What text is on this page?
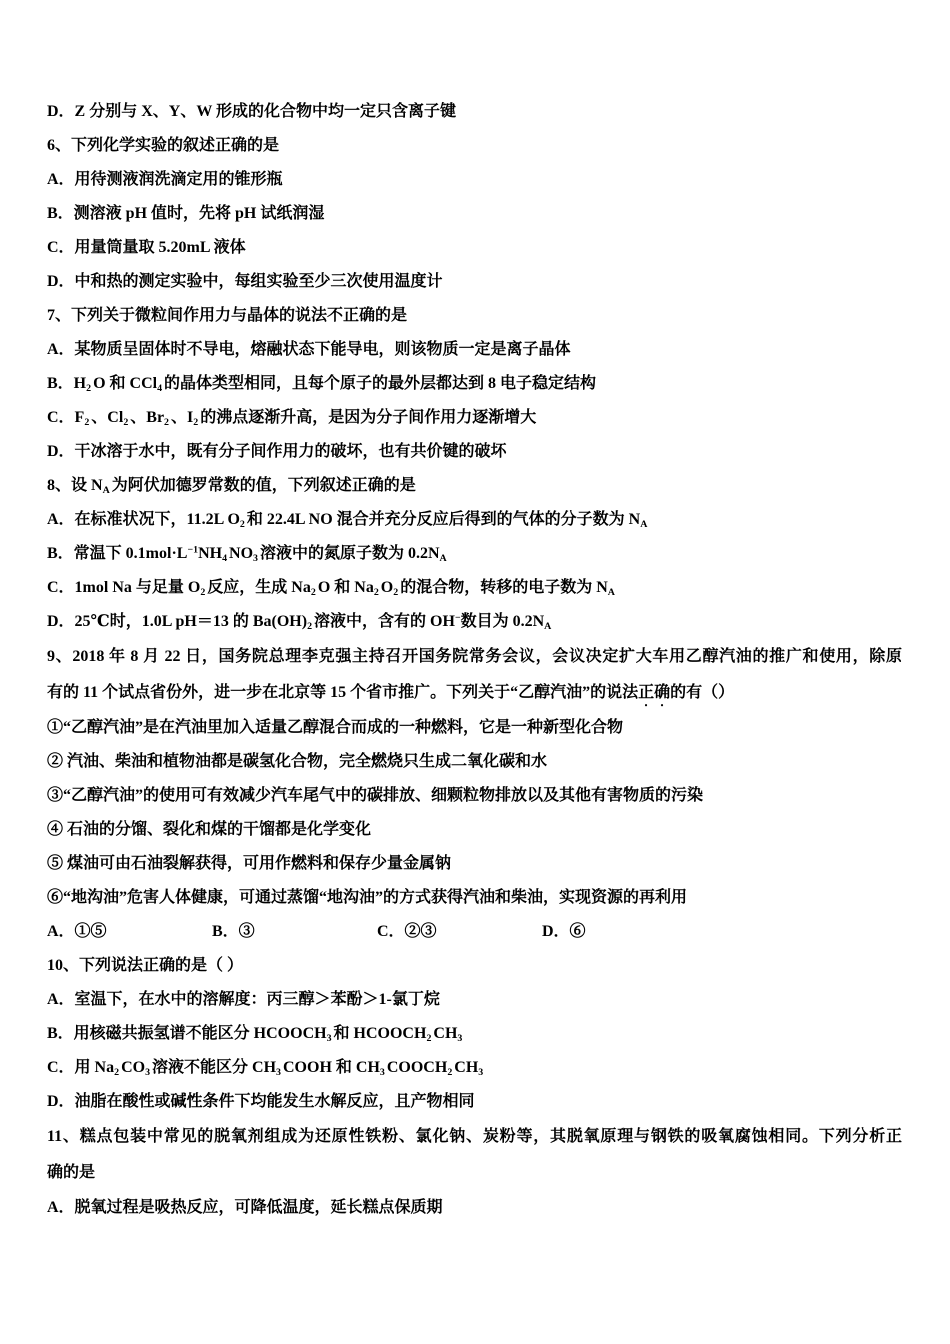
D．Z 分别与 X、Y、W 形成的化合物中均一定只含离子键
6、下列化学实验的叙述正确的是
A．用待测液润洗滴定用的锥形瓶
B．测溶液 pH 值时，先将 pH 试纸润湿
C．用量筒量取 5.20mL 液体
D．中和热的测定实验中，每组实验至少三次使用温度计
7、下列关于微粒间作用力与晶体的说法不正确的是
A．某物质呈固体时不导电，熔融状态下能导电，则该物质一定是离子晶体
B．$H_2$ O 和 CCl$_4$ 的晶体类型相同，且每个原子的最外层都达到 8 电子稳定结构
C．$F_2$ 、$Cl_2$ 、$Br_2$ 、$I_2$ 的沸点逐渐升高，是因为分子间作用力逐渐增大
D．干冰溶于水中，既有分子间作用力的破坏，也有共价键的破坏
8、设 $N_A$ 为阿伏加德罗常数的值，下列叙述正确的是
A．在标准状况下，11.2L $O_2$ 和 22.4L NO 混合并充分反应后得到的气体的分子数为 $N_A$
B．常温下 $0.1mol\cdot L^{-1}NH_4$ $NO_3$ 溶液中的氮原子数为 $0.2N_A$
C．1mol Na 与足量 $O_2$ 反应，生成 $Na_2$ O 和 $Na_2$ $O_2$ 的混合物，转移的电子数为 $N_A$
D．25℃时，1.0L pH＝13 的 $Ba(OH)_2$ 溶液中，含有的 OH−数目为 $0.2N_A$
9、2018 年 8 月 22 日，国务院总理李克强主持召开国务院常务会议，会议决定扩大车用乙醇汽油的推广和使用，除原
有的 11 个试点省份外，进一步在北京等 15 个省市推广。下列关于“乙醇汽油”的说法正确的有（）
①“乙醇汽油”是在汽油里加入适量乙醇混合而成的一种燃料，它是一种新型化合物
② 汽油、柴油和植物油都是碳氢化合物，完全燃烧只生成二氧化碳和水
③“乙醇汽油”的使用可有效减少汽车尾气中的碳排放、细颗粒物排放以及其他有害物质的污染
④ 石油的分馏、裂化和煤的干馏都是化学变化
⑤ 煤油可由石油裂解获得，可用作燃料和保存少量金属钠
⑥“地沟油”危害人体健康，可通过蒸馏“地沟油”的方式获得汽油和柴油，实现资源的再利用
A．①⑤	B．③	C．②③	D．⑥
10、下列说法正确的是（ ）
A．室温下，在水中的溶解度：丙三醇＞苯酚＞1-氯丁烷
B．用核磁共振氢谱不能区分 $HCOOCH_3$ 和 $HCOOCH_2$ $CH_3$
C．用 $Na_2$ $CO_3$ 溶液不能区分 $CH_3$ COOH 和 $CH_3$ $COOCH_2$ $CH_3$
D．油脂在酸性或碱性条件下均能发生水解反应，且产物相同
11、糕点包装中常见的脱氧剂组成为还原性铁粉、氯化钠、炭粉等，其脱氧原理与钢铁的吸氧腐蚀相同。下列分析正
确的是
A．脱氧过程是吸热反应，可降低温度，延长糕点保质期
